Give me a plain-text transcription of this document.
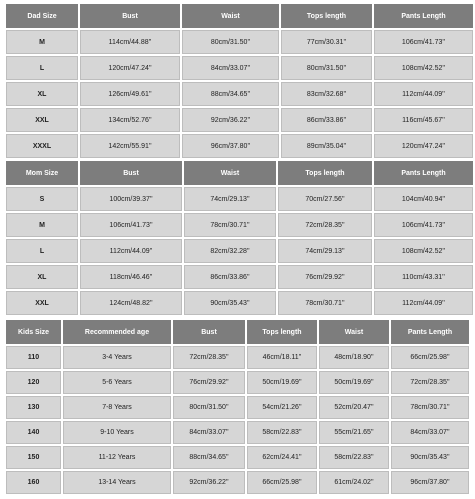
Dad Size	Bust	Waist	Tops length	Pants Length
M	114cm/44.88''	80cm/31.50''	77cm/30.31''	106cm/41.73''
L	120cm/47.24''	84cm/33.07''	80cm/31.50''	108cm/42.52''
XL	126cm/49.61''	88cm/34.65''	83cm/32.68''	112cm/44.09''
XXL	134cm/52.76''	92cm/36.22''	86cm/33.86''	116cm/45.67''
XXXL	142cm/55.91''	96cm/37.80''	89cm/35.04''	120cm/47.24''
Mom Size	Bust	Waist	Tops length	Pants Length
S	100cm/39.37''	74cm/29.13''	70cm/27.56''	104cm/40.94''
M	106cm/41.73''	78cm/30.71''	72cm/28.35''	106cm/41.73''
L	112cm/44.09''	82cm/32.28''	74cm/29.13''	108cm/42.52''
XL	118cm/46.46''	86cm/33.86''	76cm/29.92''	110cm/43.31''
XXL	124cm/48.82''	90cm/35.43''	78cm/30.71''	112cm/44.09''
Kids Size	Recommended age	Bust	Tops length	Waist	Pants Length
110	3-4 Years	72cm/28.35''	46cm/18.11''	48cm/18.90''	66cm/25.98''
120	5-6 Years	76cm/29.92''	50cm/19.69''	50cm/19.69''	72cm/28.35''
130	7-8 Years	80cm/31.50''	54cm/21.26''	52cm/20.47''	78cm/30.71''
140	9-10 Years	84cm/33.07''	58cm/22.83''	55cm/21.65''	84cm/33.07''
150	11-12 Years	88cm/34.65''	62cm/24.41''	58cm/22.83''	90cm/35.43''
160	13-14 Years	92cm/36.22''	66cm/25.98''	61cm/24.02''	96cm/37.80''
